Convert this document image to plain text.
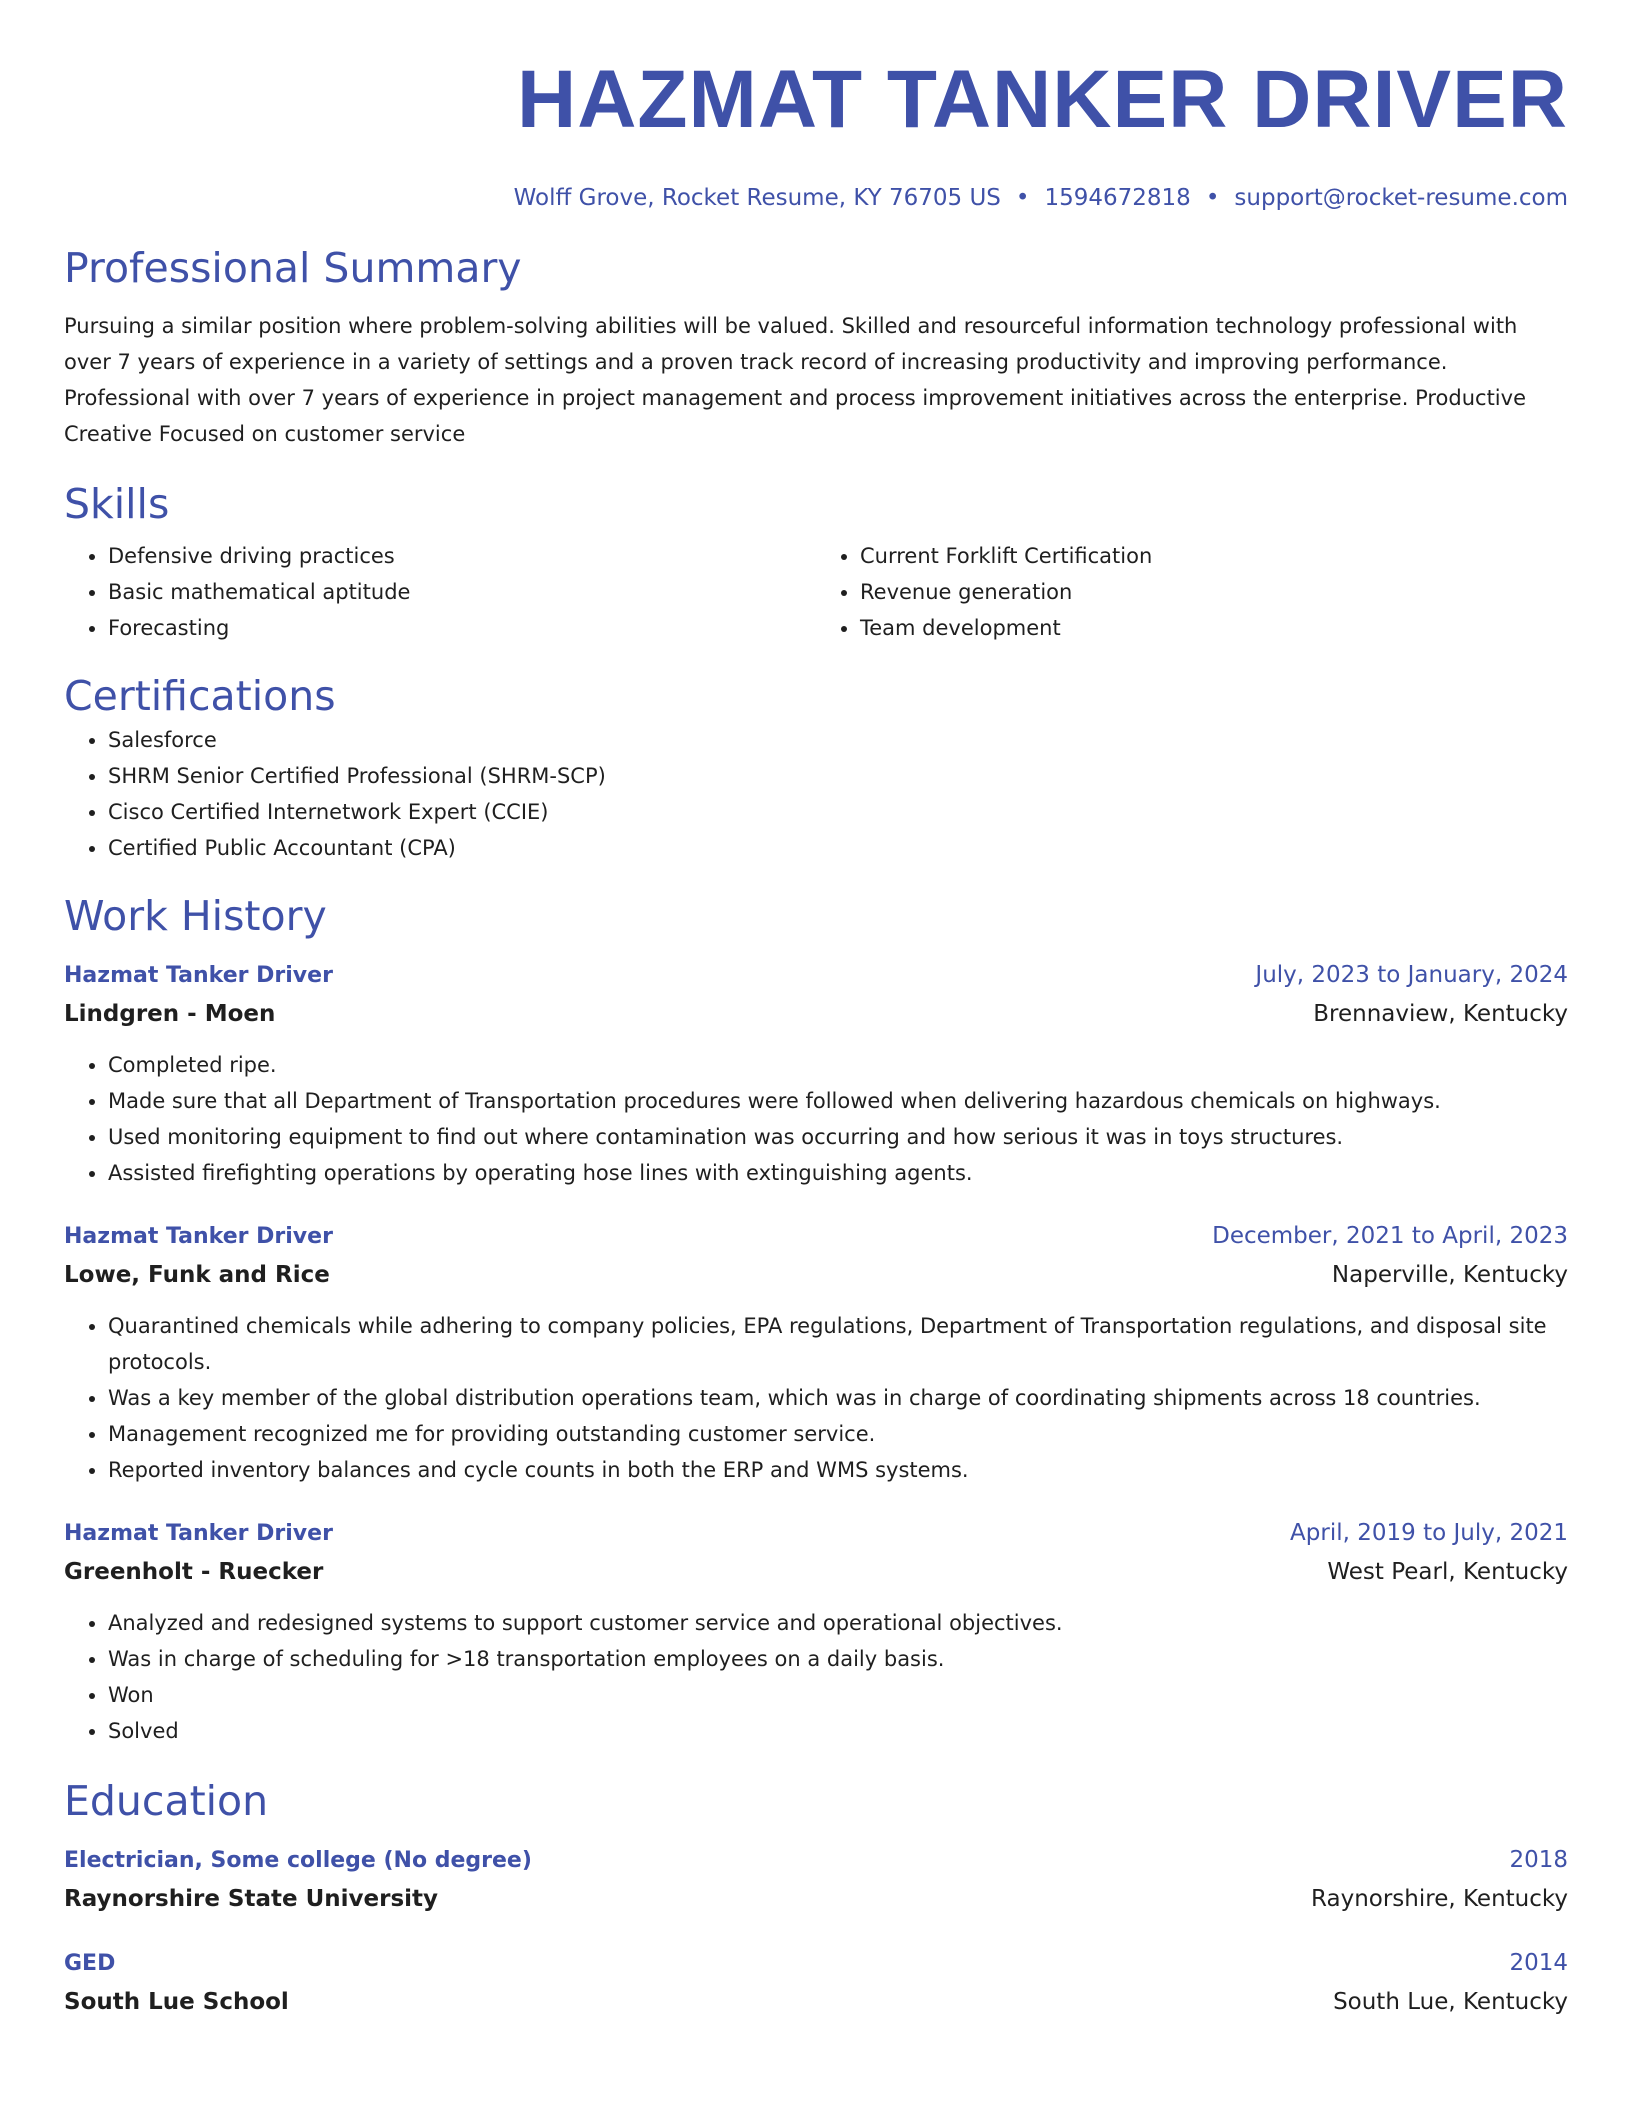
HAZMAT TANKER DRIVER
Wolff Grove, Rocket Resume, KY 76705 US • 1594672818 • support@rocket-resume.com
Professional Summary
Pursuing a similar position where problem-solving abilities will be valued. Skilled and resourceful information technology professional with over 7 years of experience in a variety of settings and a proven track record of increasing productivity and improving performance. Professional with over 7 years of experience in project management and process improvement initiatives across the enterprise. Productive Creative Focused on customer service
Skills
• Defensive driving practices
• Basic mathematical aptitude
• Forecasting
• Current Forklift Certification
• Revenue generation
• Team development
Certifications
• Salesforce
• SHRM Senior Certified Professional (SHRM-SCP)
• Cisco Certified Internetwork Expert (CCIE)
• Certified Public Accountant (CPA)
Work History
Hazmat Tanker Driver	July, 2023 to January, 2024
Lindgren - Moen	Brennaview, Kentucky
• Completed ripe.
• Made sure that all Department of Transportation procedures were followed when delivering hazardous chemicals on highways.
• Used monitoring equipment to find out where contamination was occurring and how serious it was in toys structures.
• Assisted firefighting operations by operating hose lines with extinguishing agents.
Hazmat Tanker Driver	December, 2021 to April, 2023
Lowe, Funk and Rice	Naperville, Kentucky
• Quarantined chemicals while adhering to company policies, EPA regulations, Department of Transportation regulations, and disposal site protocols.
• Was a key member of the global distribution operations team, which was in charge of coordinating shipments across 18 countries.
• Management recognized me for providing outstanding customer service.
• Reported inventory balances and cycle counts in both the ERP and WMS systems.
Hazmat Tanker Driver	April, 2019 to July, 2021
Greenholt - Ruecker	West Pearl, Kentucky
• Analyzed and redesigned systems to support customer service and operational objectives.
• Was in charge of scheduling for >18 transportation employees on a daily basis.
• Won
• Solved
Education
Electrician, Some college (No degree)	2018
Raynorshire State University	Raynorshire, Kentucky
GED	2014
South Lue School	South Lue, Kentucky
